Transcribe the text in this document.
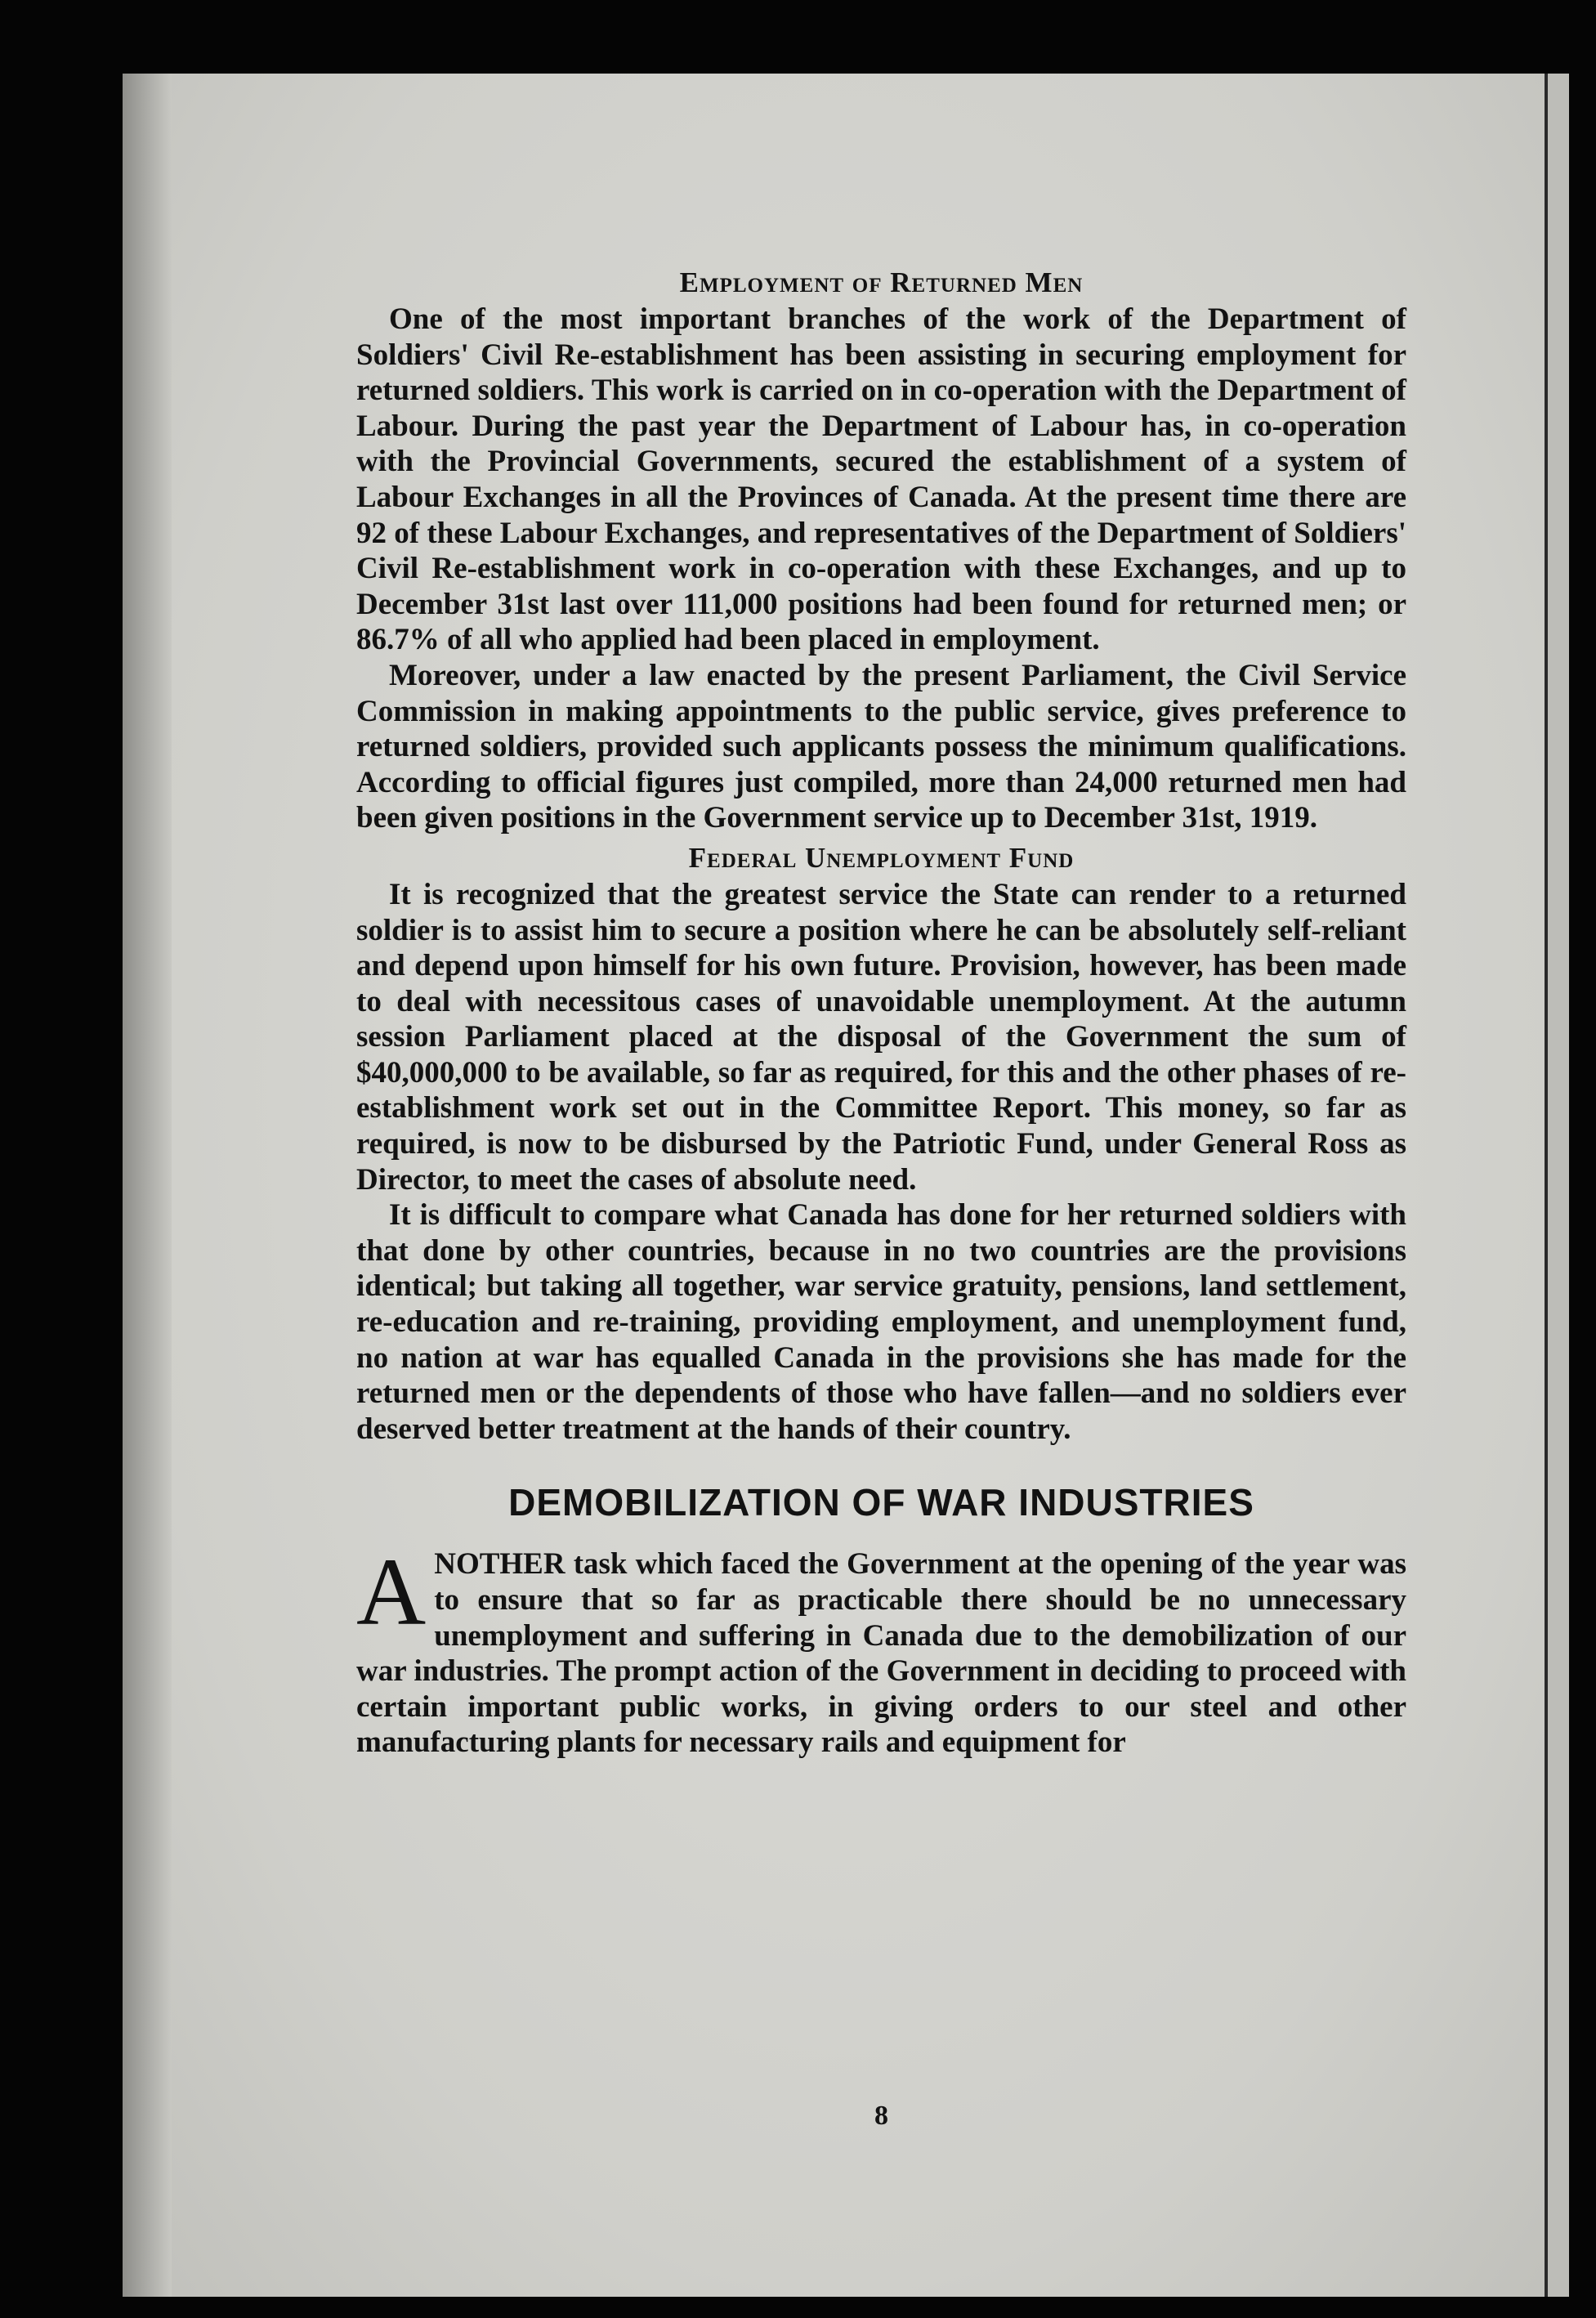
Employment of Returned Men

One of the most important branches of the work of the Department of Soldiers' Civil Re-establishment has been assisting in securing employment for returned soldiers. This work is carried on in co-operation with the Department of Labour. During the past year the Department of Labour has, in co-operation with the Provincial Governments, secured the establishment of a system of Labour Exchanges in all the Provinces of Canada. At the present time there are 92 of these Labour Exchanges, and representatives of the Department of Soldiers' Civil Re-establishment work in co-operation with these Exchanges, and up to December 31st last over 111,000 positions had been found for returned men; or 86.7% of all who applied had been placed in employment.

Moreover, under a law enacted by the present Parliament, the Civil Service Commission in making appointments to the public service, gives preference to returned soldiers, provided such applicants possess the minimum qualifications. According to official figures just compiled, more than 24,000 returned men had been given positions in the Government service up to December 31st, 1919.

Federal Unemployment Fund

It is recognized that the greatest service the State can render to a returned soldier is to assist him to secure a position where he can be absolutely self-reliant and depend upon himself for his own future. Provision, however, has been made to deal with necessitous cases of unavoidable unemployment. At the autumn session Parliament placed at the disposal of the Government the sum of $40,000,000 to be available, so far as required, for this and the other phases of re-establishment work set out in the Committee Report. This money, so far as required, is now to be disbursed by the Patriotic Fund, under General Ross as Director, to meet the cases of absolute need.

It is difficult to compare what Canada has done for her returned soldiers with that done by other countries, because in no two countries are the provisions identical; but taking all together, war service gratuity, pensions, land settlement, re-education and re-training, providing employment, and unemployment fund, no nation at war has equalled Canada in the provisions she has made for the returned men or the dependents of those who have fallen—and no soldiers ever deserved better treatment at the hands of their country.

DEMOBILIZATION OF WAR INDUSTRIES

ANOTHER task which faced the Government at the opening of the year was to ensure that so far as practicable there should be no unnecessary unemployment and suffering in Canada due to the demobilization of our war industries. The prompt action of the Government in deciding to proceed with certain important public works, in giving orders to our steel and other manufacturing plants for necessary rails and equipment for

8
